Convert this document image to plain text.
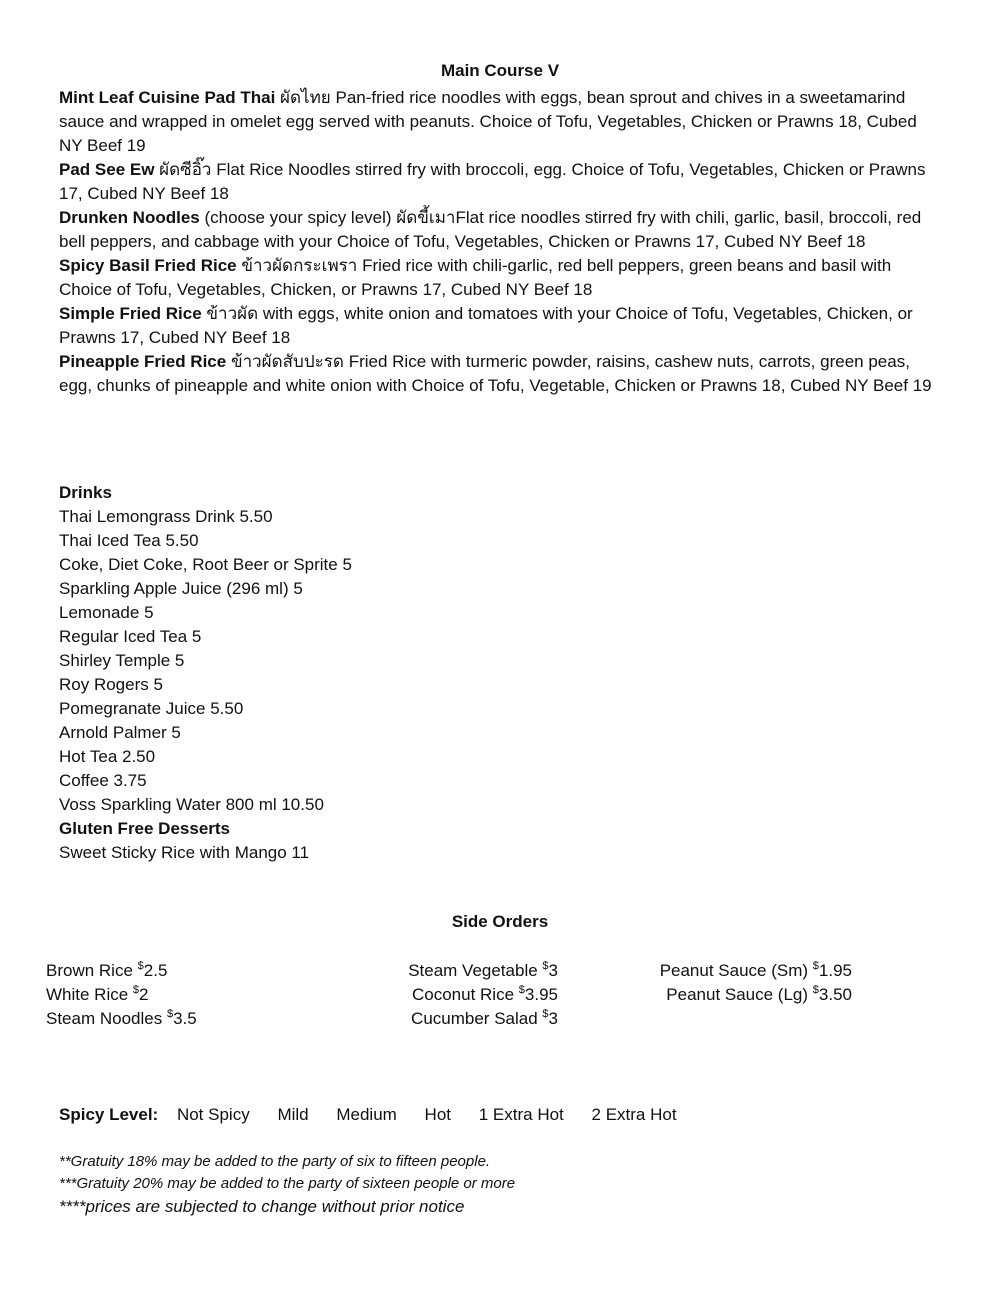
Main Course V

Mint Leaf Cuisine Pad Thai ผัดไทย Pan-fried rice noodles with eggs, bean sprout and chives in a sweetamarind sauce and wrapped in omelet egg served with peanuts. Choice of Tofu, Vegetables, Chicken or Prawns 18, Cubed NY Beef 19

Pad See Ew ผัดซีอิ๊ว Flat Rice Noodles stirred fry with broccoli, egg. Choice of Tofu, Vegetables, Chicken or Prawns 17, Cubed NY Beef 18

Drunken Noodles (choose your spicy level) ผัดขี้เมาFlat rice noodles stirred fry with chili, garlic, basil, broccoli, red bell peppers, and cabbage with your Choice of Tofu, Vegetables, Chicken or Prawns 17, Cubed NY Beef 18

Spicy Basil Fried Rice ข้าวผัดกระเพรา Fried rice with chili-garlic, red bell peppers, green beans and basil with Choice of Tofu, Vegetables, Chicken, or Prawns 17, Cubed NY Beef 18

Simple Fried Rice ข้าวผัด with eggs, white onion and tomatoes with your Choice of Tofu, Vegetables, Chicken, or Prawns 17, Cubed NY Beef 18

Pineapple Fried Rice ข้าวผัดสับปะรด Fried Rice with turmeric powder, raisins, cashew nuts, carrots, green peas, egg, chunks of pineapple and white onion with Choice of Tofu, Vegetable, Chicken or Prawns 18, Cubed NY Beef 19

Drinks
Thai Lemongrass Drink 5.50
Thai Iced Tea 5.50
Coke, Diet Coke, Root Beer or Sprite 5
Sparkling Apple Juice (296 ml) 5
Lemonade 5
Regular Iced Tea 5
Shirley Temple 5
Roy Rogers 5
Pomegranate Juice 5.50
Arnold Palmer 5
Hot Tea 2.50
Coffee 3.75
Voss Sparkling Water 800 ml 10.50
Gluten Free Desserts
Sweet Sticky Rice with Mango 11
Side Orders
Brown Rice $2.5
White Rice $2
Steam Noodles $3.5
Steam Vegetable $3
Coconut Rice $3.95
Cucumber Salad $3
Peanut Sauce (Sm) $1.95
Peanut Sauce (Lg) $3.50
Spicy Level: Not Spicy Mild Medium Hot 1 Extra Hot 2 Extra Hot
**Gratuity 18% may be added to the party of six to fifteen people.
***Gratuity 20% may be added to the party of sixteen people or more
****prices are subjected to change without prior notice
